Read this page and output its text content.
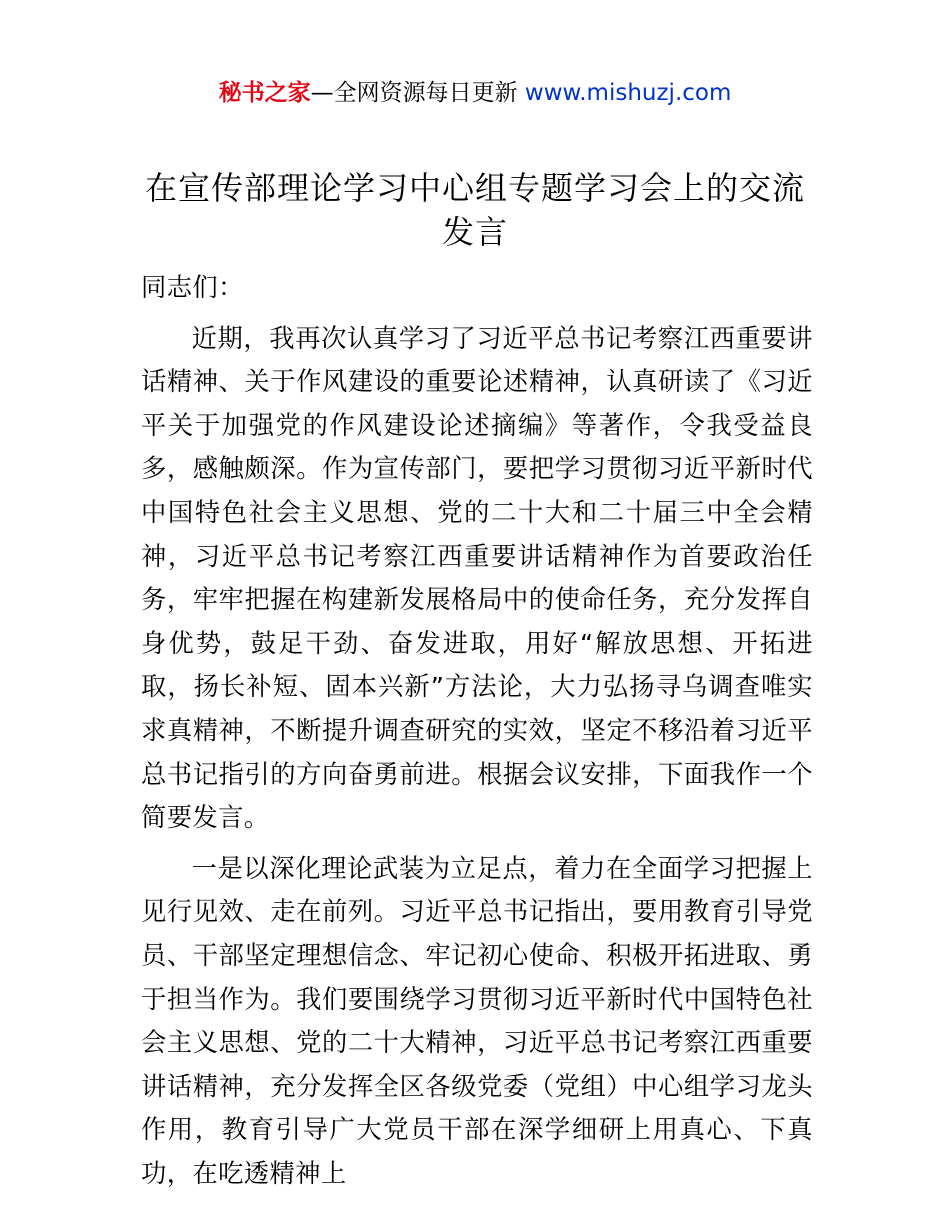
秘书之家—全网资源每日更新 www.mishuzj.com
在宣传部理论学习中心组专题学习会上的交流
发言

同志们：

近期，我再次认真学习了习近平总书记考察江西重要讲话精神、关于作风建设的重要论述精神，认真研读了《习近平关于加强党的作风建设论述摘编》等著作，令我受益良多，感触颇深。作为宣传部门，要把学习贯彻习近平新时代中国特色社会主义思想、党的二十大和二十届三中全会精神，习近平总书记考察江西重要讲话精神作为首要政治任务，牢牢把握在构建新发展格局中的使命任务，充分发挥自身优势，鼓足干劲、奋发进取，用好“解放思想、开拓进取，扬长补短、固本兴新”方法论，大力弘扬寻乌调查唯实求真精神，不断提升调查研究的实效，坚定不移沿着习近平总书记指引的方向奋勇前进。根据会议安排，下面我作一个简要发言。

一是以深化理论武装为立足点，着力在全面学习把握上见行见效、走在前列。习近平总书记指出，要用教育引导党员、干部坚定理想信念、牢记初心使命、积极开拓进取、勇于担当作为。我们要围绕学习贯彻习近平新时代中国特色社会主义思想、党的二十大精神，习近平总书记考察江西重要讲话精神，充分发挥全区各级党委（党组）中心组学习龙头作用，教育引导广大党员干部在深学细研上用真心、下真功，在吃透精神上
